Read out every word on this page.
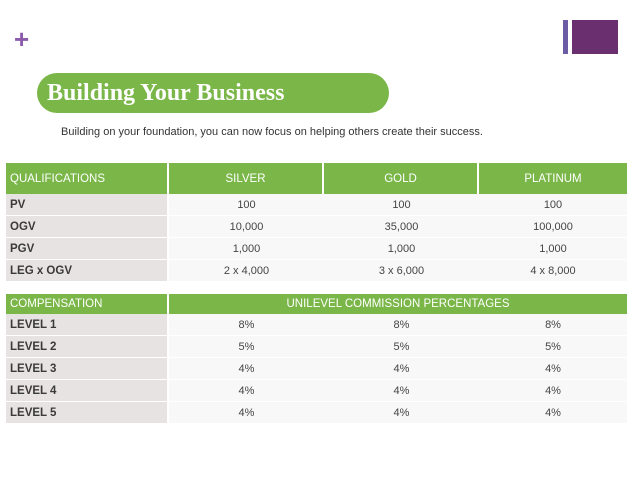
+
Building Your Business
Building on your foundation, you can now focus on helping others create their success.
QUALIFICATIONS	SILVER	GOLD	PLATINUM
PV	100	100	100
OGV	10,000	35,000	100,000
PGV	1,000	1,000	1,000
LEG x OGV	2 x 4,000	3 x 6,000	4 x 8,000
COMPENSATION	UNILEVEL COMMISSION PERCENTAGES		
LEVEL 1	8%	8%	8%
LEVEL 2	5%	5%	5%
LEVEL 3	4%	4%	4%
LEVEL 4	4%	4%	4%
LEVEL 5	4%	4%	4%
